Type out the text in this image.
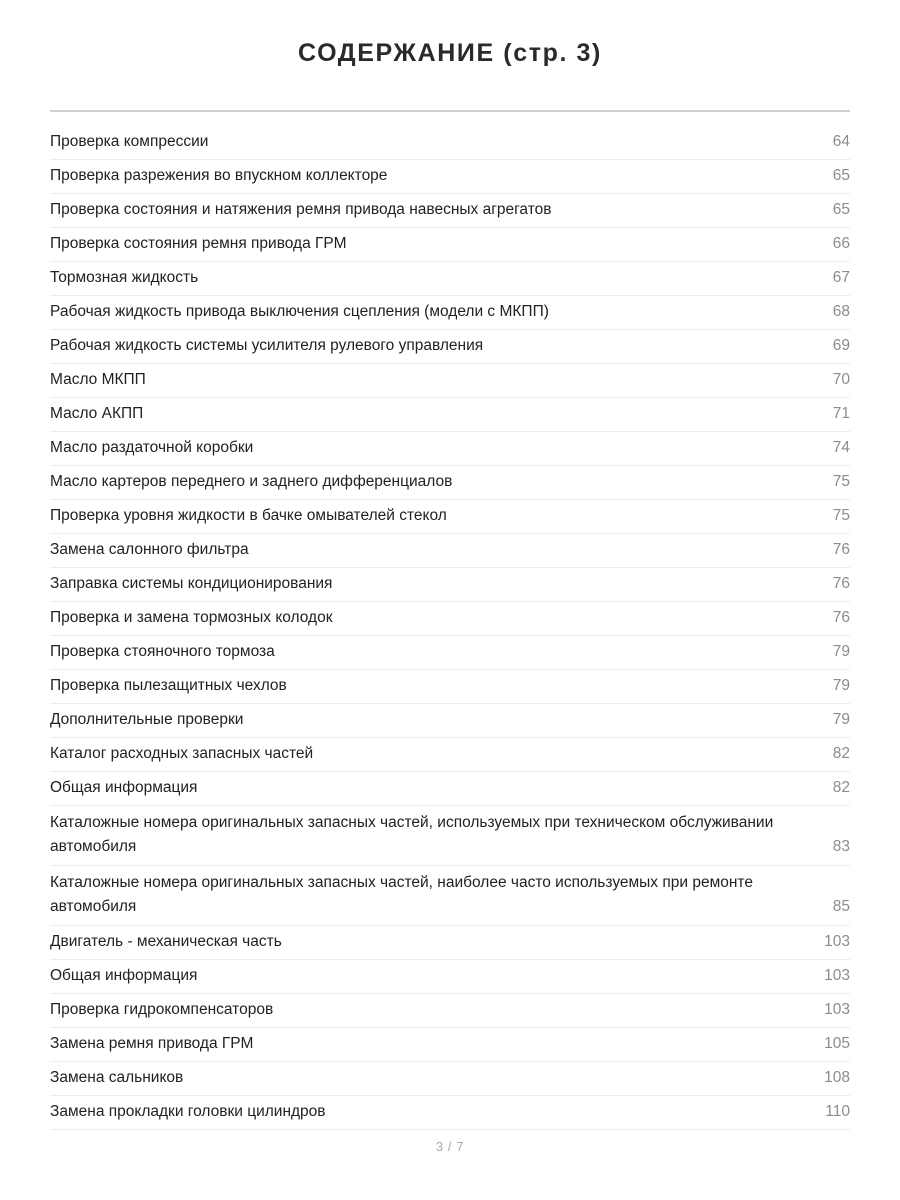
СОДЕРЖАНИЕ (стр. 3)
Проверка компрессии	64
Проверка разрежения во впускном коллекторе	65
Проверка состояния и натяжения ремня привода навесных агрегатов	65
Проверка состояния ремня привода ГРМ	66
Тормозная жидкость	67
Рабочая жидкость привода выключения сцепления (модели с МКПП)	68
Рабочая жидкость системы усилителя рулевого управления	69
Масло МКПП	70
Масло АКПП	71
Масло раздаточной коробки	74
Масло картеров переднего и заднего дифференциалов	75
Проверка уровня жидкости в бачке омывателей стекол	75
Замена салонного фильтра	76
Заправка системы кондиционирования	76
Проверка и замена тормозных колодок	76
Проверка стояночного тормоза	79
Проверка пылезащитных чехлов	79
Дополнительные проверки	79
Каталог расходных запасных частей	82
Общая информация	82
Каталожные номера оригинальных запасных частей, используемых при техническом обслуживании автомобиля	83
Каталожные номера оригинальных запасных частей, наиболее часто используемых при ремонте автомобиля	85
Двигатель - механическая часть	103
Общая информация	103
Проверка гидрокомпенсаторов	103
Замена ремня привода ГРМ	105
Замена сальников	108
Замена прокладки головки цилиндров	110
3 / 7
